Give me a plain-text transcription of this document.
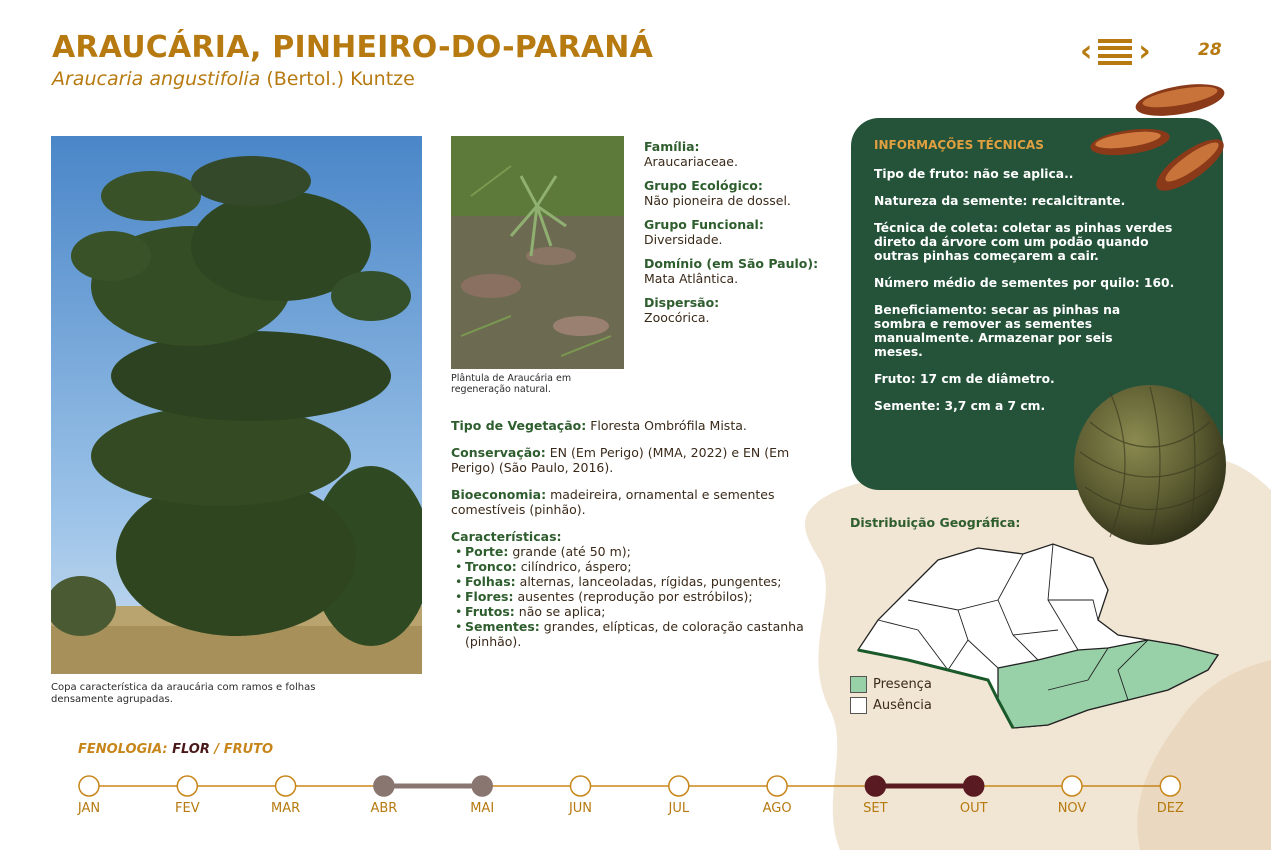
ARAUCÁRIA, PINHEIRO-DO-PARANÁ
Araucaria angustifolia (Bertol.) Kuntze
‹ ›	28
Copa característica da araucária com ramos e folhas densamente agrupadas.
Plântula de Araucária em regeneração natural.
Família:
Araucariaceae.
Grupo Ecológico:
Não pioneira de dossel.
Grupo Funcional:
Diversidade.
Domínio (em São Paulo):
Mata Atlântica.
Dispersão:
Zoocórica.

Tipo de Vegetação: Floresta Ombrófila Mista.

Conservação: EN (Em Perigo) (MMA, 2022) e EN (Em Perigo) (São Paulo, 2016).

Bioeconomia: madeireira, ornamental e sementes comestíveis (pinhão).

Características:
• Porte: grande (até 50 m);
• Tronco: cilíndrico, áspero;
• Folhas: alternas, lanceoladas, rígidas, pungentes;
• Flores: ausentes (reprodução por estróbilos);
• Frutos: não se aplica;
• Sementes: grandes, elípticas, de coloração castanha (pinhão).
INFORMAÇÕES TÉCNICAS
Tipo de fruto: não se aplica..
Natureza da semente: recalcitrante.
Técnica de coleta: coletar as pinhas verdes direto da árvore com um podão quando outras pinhas começarem a cair.
Número médio de sementes por quilo: 160.
Beneficiamento: secar as pinhas na sombra e remover as sementes manualmente. Armazenar por seis meses.
Fruto: 17 cm de diâmetro.
Semente: 3,7 cm a 7 cm.
Distribuição Geográfica:
Presença
Ausência
FENOLOGIA: FLOR / FRUTO
JAN	FEV	MAR	ABR	MAI	JUN	JUL	AGO	SET	OUT	NOV	DEZ
